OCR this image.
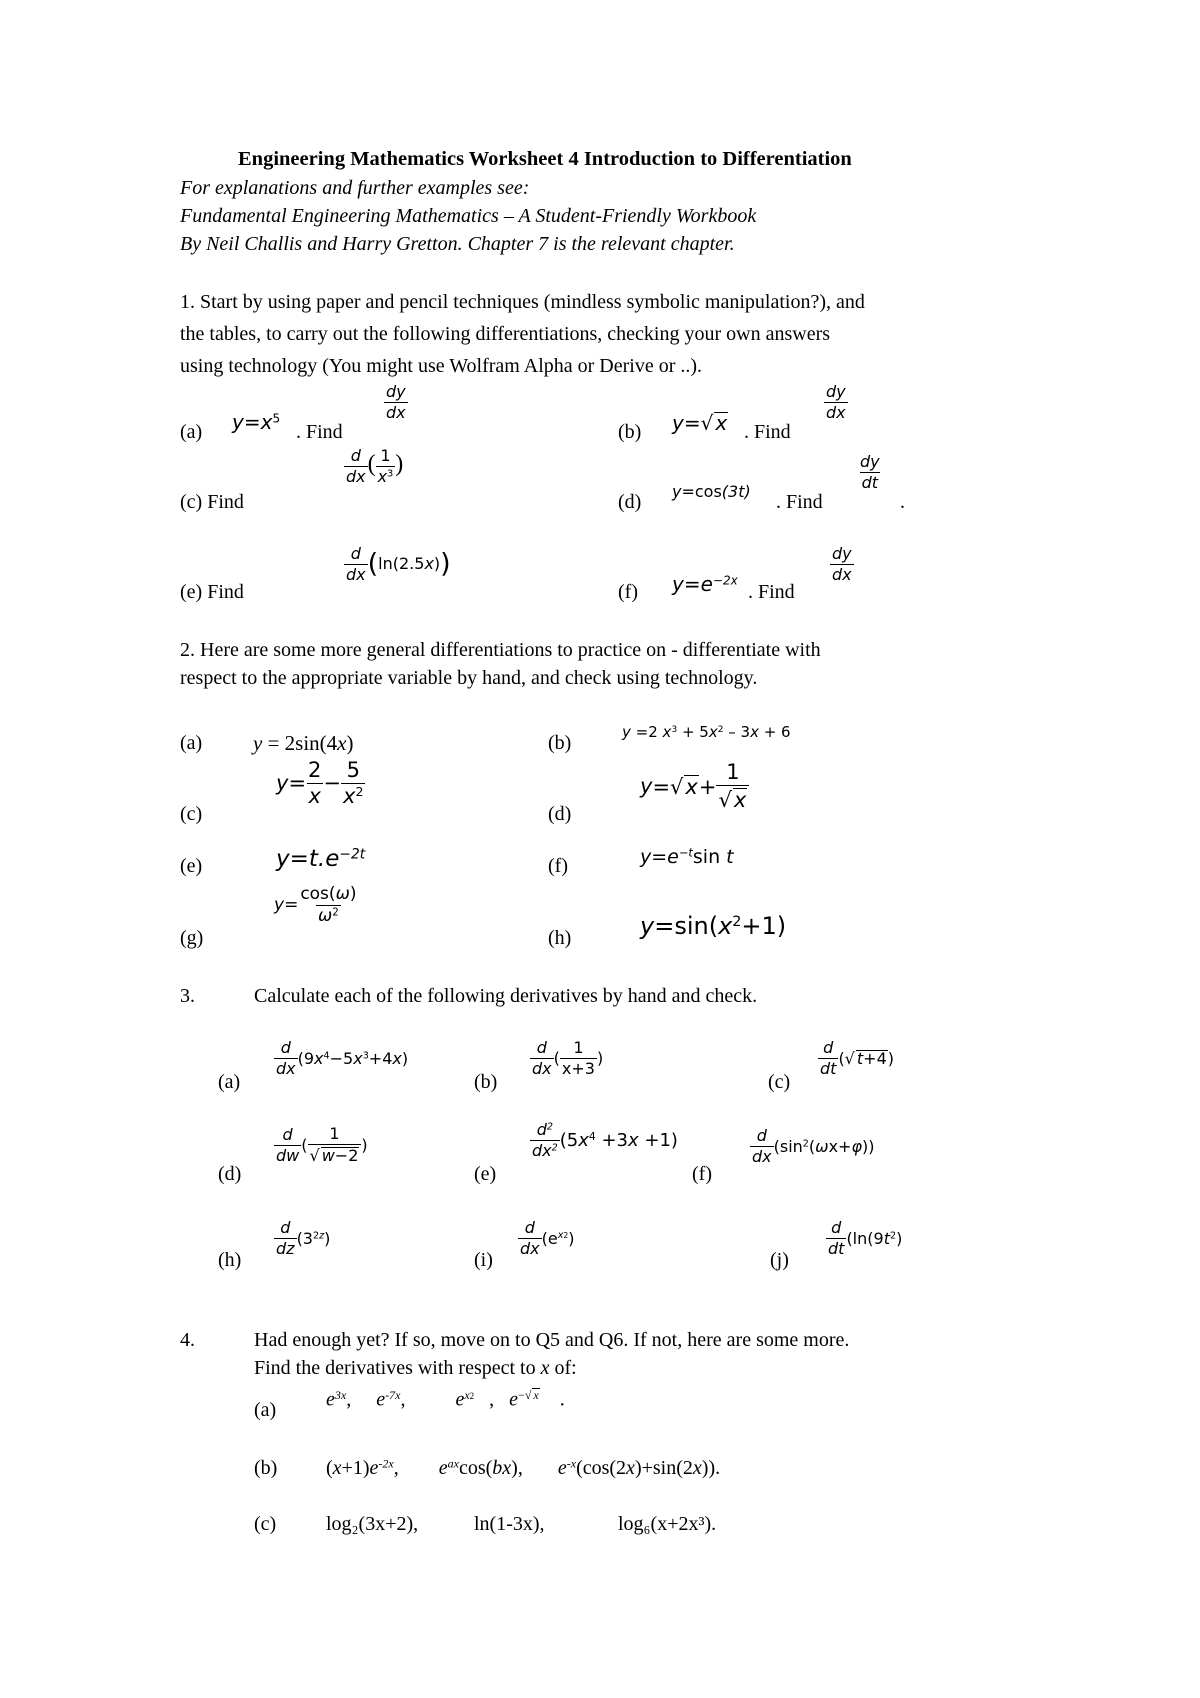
Engineering Mathematics Worksheet 4 Introduction to Differentiation
For explanations and further examples see:
Fundamental Engineering Mathematics – A Student-Friendly Workbook
By Neil Challis and Harry Gretton. Chapter 7 is the relevant chapter.
1. Start by using paper and pencil techniques (mindless symbolic manipulation?), and
the tables, to carry out the following differentiations, checking your own answers
using technology (You might use Wolfram Alpha or Derive or ..).
(a) $y=x^5$
. Find
$\frac{dy}{dx}$
(b) y=√ x . Find
$\frac{dy}{dx}$
(c) Find
$\frac{d}{dx}$ ( $\frac{1}{x^3}$ )
(d) y=cos(3t) . Find
$\frac{dy}{dt}$
.
(e) Find
$\frac{d}{dx} (\ln(2.5x))$
(f) $y=e^{-2x}$
. Find
$\frac{dy}{dx}$
2. Here are some more general differentiations to practice on - differentiate with
respect to the appropriate variable by hand, and check using technology.
(a) y = 2sin(4x)	(b)	y =2 $x^3 + 5x^2 - 3x + 6$
(c)
$y= \frac{2}{x} - \frac{5}{x^2}$
(d)
$y=√x+ \frac{1}{√x}$
(e)	$y=t.e^{-2t}$
(f)	$y=e^{-t}\sin$ t
(g)
$y= \frac{\cos(\omega)}{\omega^2}$
(h)	$y=\sin(x^2+1)$
3.	Calculate each of the following derivatives by hand and check.
(a)
$\frac{d}{dx} (9x^4-5x^3+4x)$
(b)
$\frac{d}{dx}$ ( $\frac{1}{x+3}$ )
(c)
$\frac{d}{dt}$ (√ t+4)
(d)
$\frac{d}{dw}$ ( $\frac{1}{√ w-2}$ )
(e)
$\frac{d^2}{dx^2} (5x^4 +3x +1)$
(f)
$\frac{d}{dx} (\sin^2(\omega x+\varphi))$
(h)
$\frac{d}{dz} (3^{2z})$
(i)
$\frac{d}{dx} (e^{x2})$
(j)
$\frac{d}{dt} (\ln(9t^2)$
4.	Had enough yet? If so, move on to Q5 and Q6. If not, here are some more.
Find the derivatives with respect to x of:
(a) $e^{3x}$,     $e^{-7x}$,          $e^{x2}$   ,   $e^{-√ x}$    .
(b) $(x+1)e^{-2x}$,        $e^{ax}\cos(bx)$,       $e^{-x}(\cos(2x)+\sin(2x))$.
(c) log₂(3x+2),	ln(1-3x),	log₆(x+2x³).
